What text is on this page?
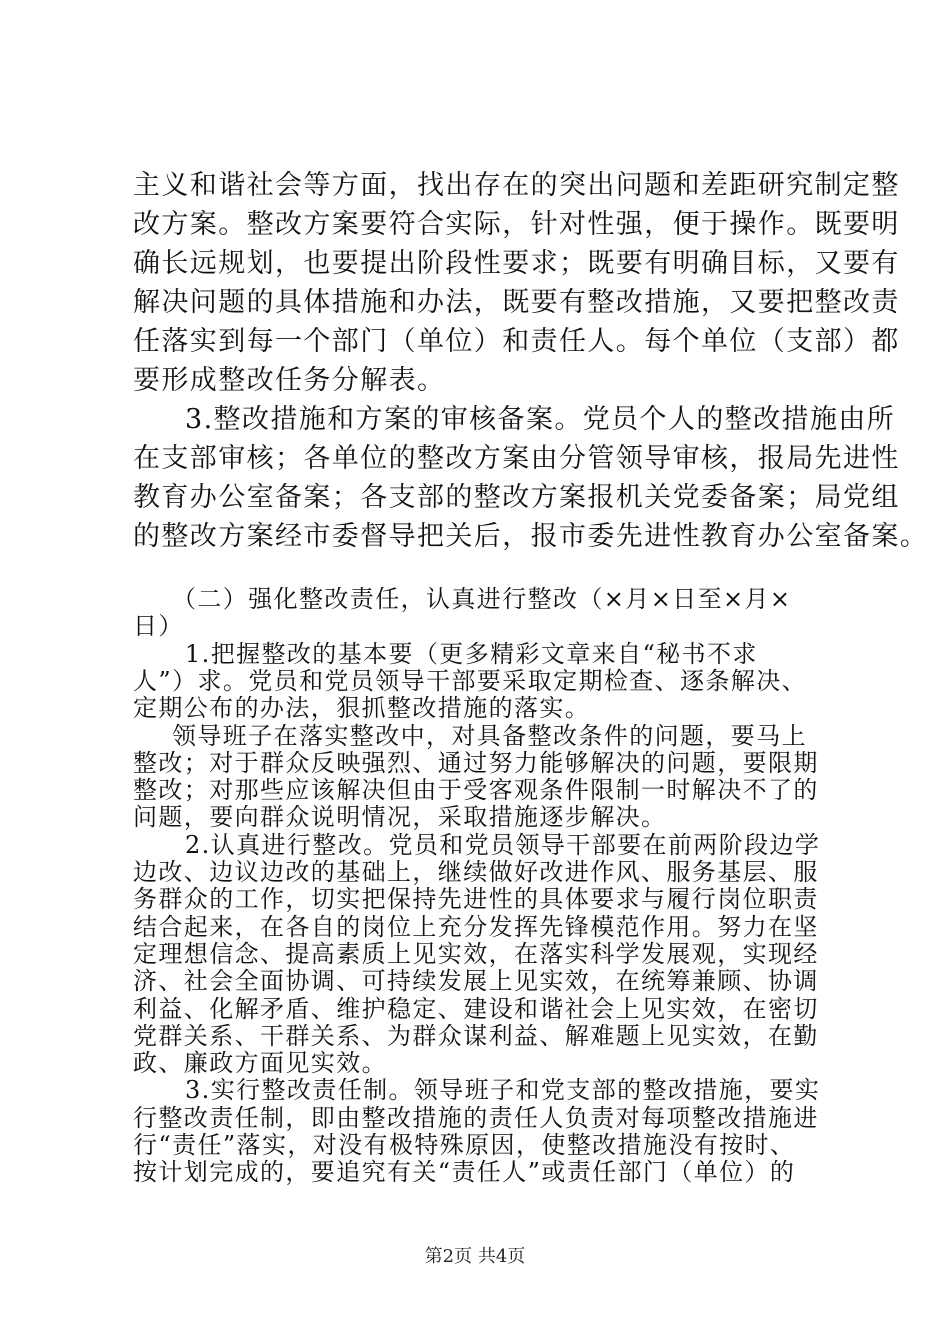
主义和谐社会等方面，找出存在的突出问题和差距研究制定整
改方案。整改方案要符合实际，针对性强，便于操作。既要明
确长远规划，也要提出阶段性要求；既要有明确目标，又要有
解决问题的具体措施和办法，既要有整改措施，又要把整改责
任落实到每一个部门（单位）和责任人。每个单位（支部）都
要形成整改任务分解表。
3.整改措施和方案的审核备案。党员个人的整改措施由所
在支部审核；各单位的整改方案由分管领导审核，报局先进性
教育办公室备案；各支部的整改方案报机关党委备案；局党组
的整改方案经市委督导把关后，报市委先进性教育办公室备案。
（二）强化整改责任，认真进行整改（×月×日至×月×
日）
1.把握整改的基本要（更多精彩文章来自“秘书不求
人”）求。党员和党员领导干部要采取定期检查、逐条解决、
定期公布的办法，狠抓整改措施的落实。
领导班子在落实整改中，对具备整改条件的问题，要马上
整改；对于群众反映强烈、通过努力能够解决的问题，要限期
整改；对那些应该解决但由于受客观条件限制一时解决不了的
问题，要向群众说明情况，采取措施逐步解决。
2.认真进行整改。党员和党员领导干部要在前两阶段边学
边改、边议边改的基础上，继续做好改进作风、服务基层、服
务群众的工作，切实把保持先进性的具体要求与履行岗位职责
结合起来，在各自的岗位上充分发挥先锋模范作用。努力在坚
定理想信念、提高素质上见实效，在落实科学发展观，实现经
济、社会全面协调、可持续发展上见实效，在统筹兼顾、协调
利益、化解矛盾、维护稳定、建设和谐社会上见实效，在密切
党群关系、干群关系、为群众谋利益、解难题上见实效，在勤
政、廉政方面见实效。
3.实行整改责任制。领导班子和党支部的整改措施，要实
行整改责任制，即由整改措施的责任人负责对每项整改措施进
行“责任”落实，对没有极特殊原因，使整改措施没有按时、
按计划完成的，要追究有关“责任人”或责任部门（单位）的
第2页 共4页
